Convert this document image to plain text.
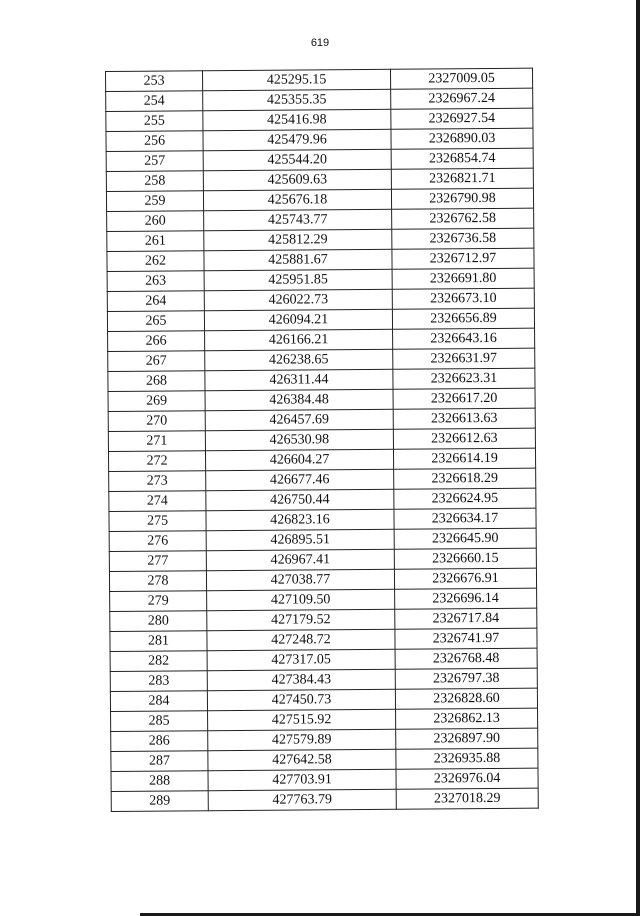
619
253	425295.15	2327009.05
254	425355.35	2326967.24
255	425416.98	2326927.54
256	425479.96	2326890.03
257	425544.20	2326854.74
258	425609.63	2326821.71
259	425676.18	2326790.98
260	425743.77	2326762.58
261	425812.29	2326736.58
262	425881.67	2326712.97
263	425951.85	2326691.80
264	426022.73	2326673.10
265	426094.21	2326656.89
266	426166.21	2326643.16
267	426238.65	2326631.97
268	426311.44	2326623.31
269	426384.48	2326617.20
270	426457.69	2326613.63
271	426530.98	2326612.63
272	426604.27	2326614.19
273	426677.46	2326618.29
274	426750.44	2326624.95
275	426823.16	2326634.17
276	426895.51	2326645.90
277	426967.41	2326660.15
278	427038.77	2326676.91
279	427109.50	2326696.14
280	427179.52	2326717.84
281	427248.72	2326741.97
282	427317.05	2326768.48
283	427384.43	2326797.38
284	427450.73	2326828.60
285	427515.92	2326862.13
286	427579.89	2326897.90
287	427642.58	2326935.88
288	427703.91	2326976.04
289	427763.79	2327018.29
